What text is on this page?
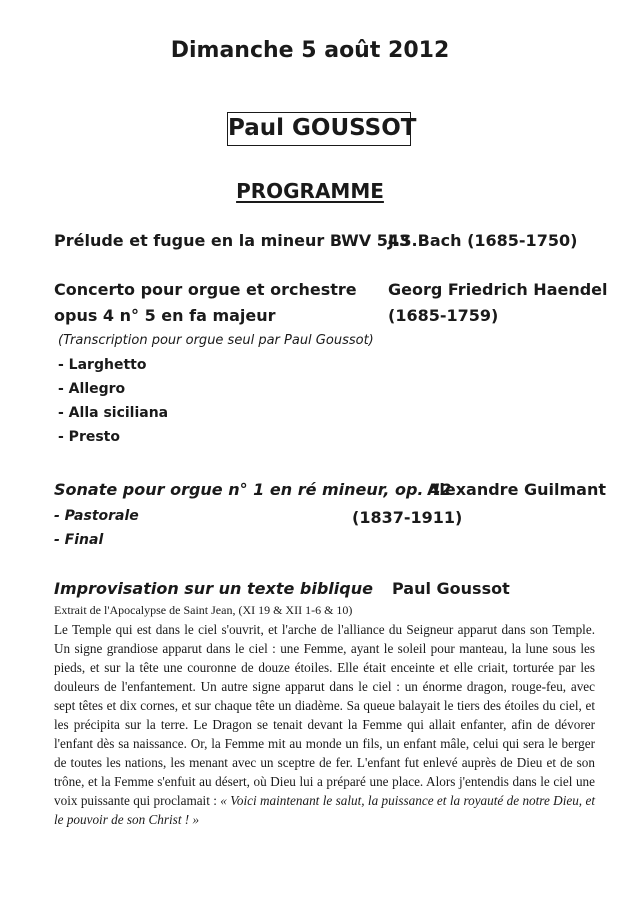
Dimanche 5 août 2012
Paul GOUSSOT
PROGRAMME
Prélude et fugue en la mineur BWV 543
J.S.Bach (1685-1750)
Concerto pour orgue et orchestre Georg Friedrich Haendel
opus 4 n° 5 en fa majeur	(1685-1759)
(Transcription pour orgue seul par Paul Goussot)
- Larghetto
- Allegro
- Alla siciliana
- Presto
Sonate pour orgue n° 1 en ré mineur, op. 42
Alexandre Guilmant
- Pastorale	(1837-1911)
- Final
Improvisation sur un texte biblique Paul Goussot
Extrait de l'Apocalypse de Saint Jean, (XI 19 & XII 1-6 & 10)
Le Temple qui est dans le ciel s'ouvrit, et l'arche de l'alliance du Seigneur apparut dans son Temple. Un signe grandiose apparut dans le ciel : une Femme, ayant le soleil pour manteau, la lune sous les pieds, et sur la tête une couronne de douze étoiles. Elle était enceinte et elle criait, torturée par les douleurs de l'enfantement. Un autre signe apparut dans le ciel : un énorme dragon, rouge-feu, avec sept têtes et dix cornes, et sur chaque tête un diadème. Sa queue balayait le tiers des étoiles du ciel, et les précipita sur la terre. Le Dragon se tenait devant la Femme qui allait enfanter, afin de dévorer l'enfant dès sa naissance. Or, la Femme mit au monde un fils, un enfant mâle, celui qui sera le berger de toutes les nations, les menant avec un sceptre de fer. L'enfant fut enlevé auprès de Dieu et de son trône, et la Femme s'enfuit au désert, où Dieu lui a préparé une place. Alors j'entendis dans le ciel une voix puissante qui proclamait : « Voici maintenant le salut, la puissance et la royauté de notre Dieu, et le pouvoir de son Christ ! »
